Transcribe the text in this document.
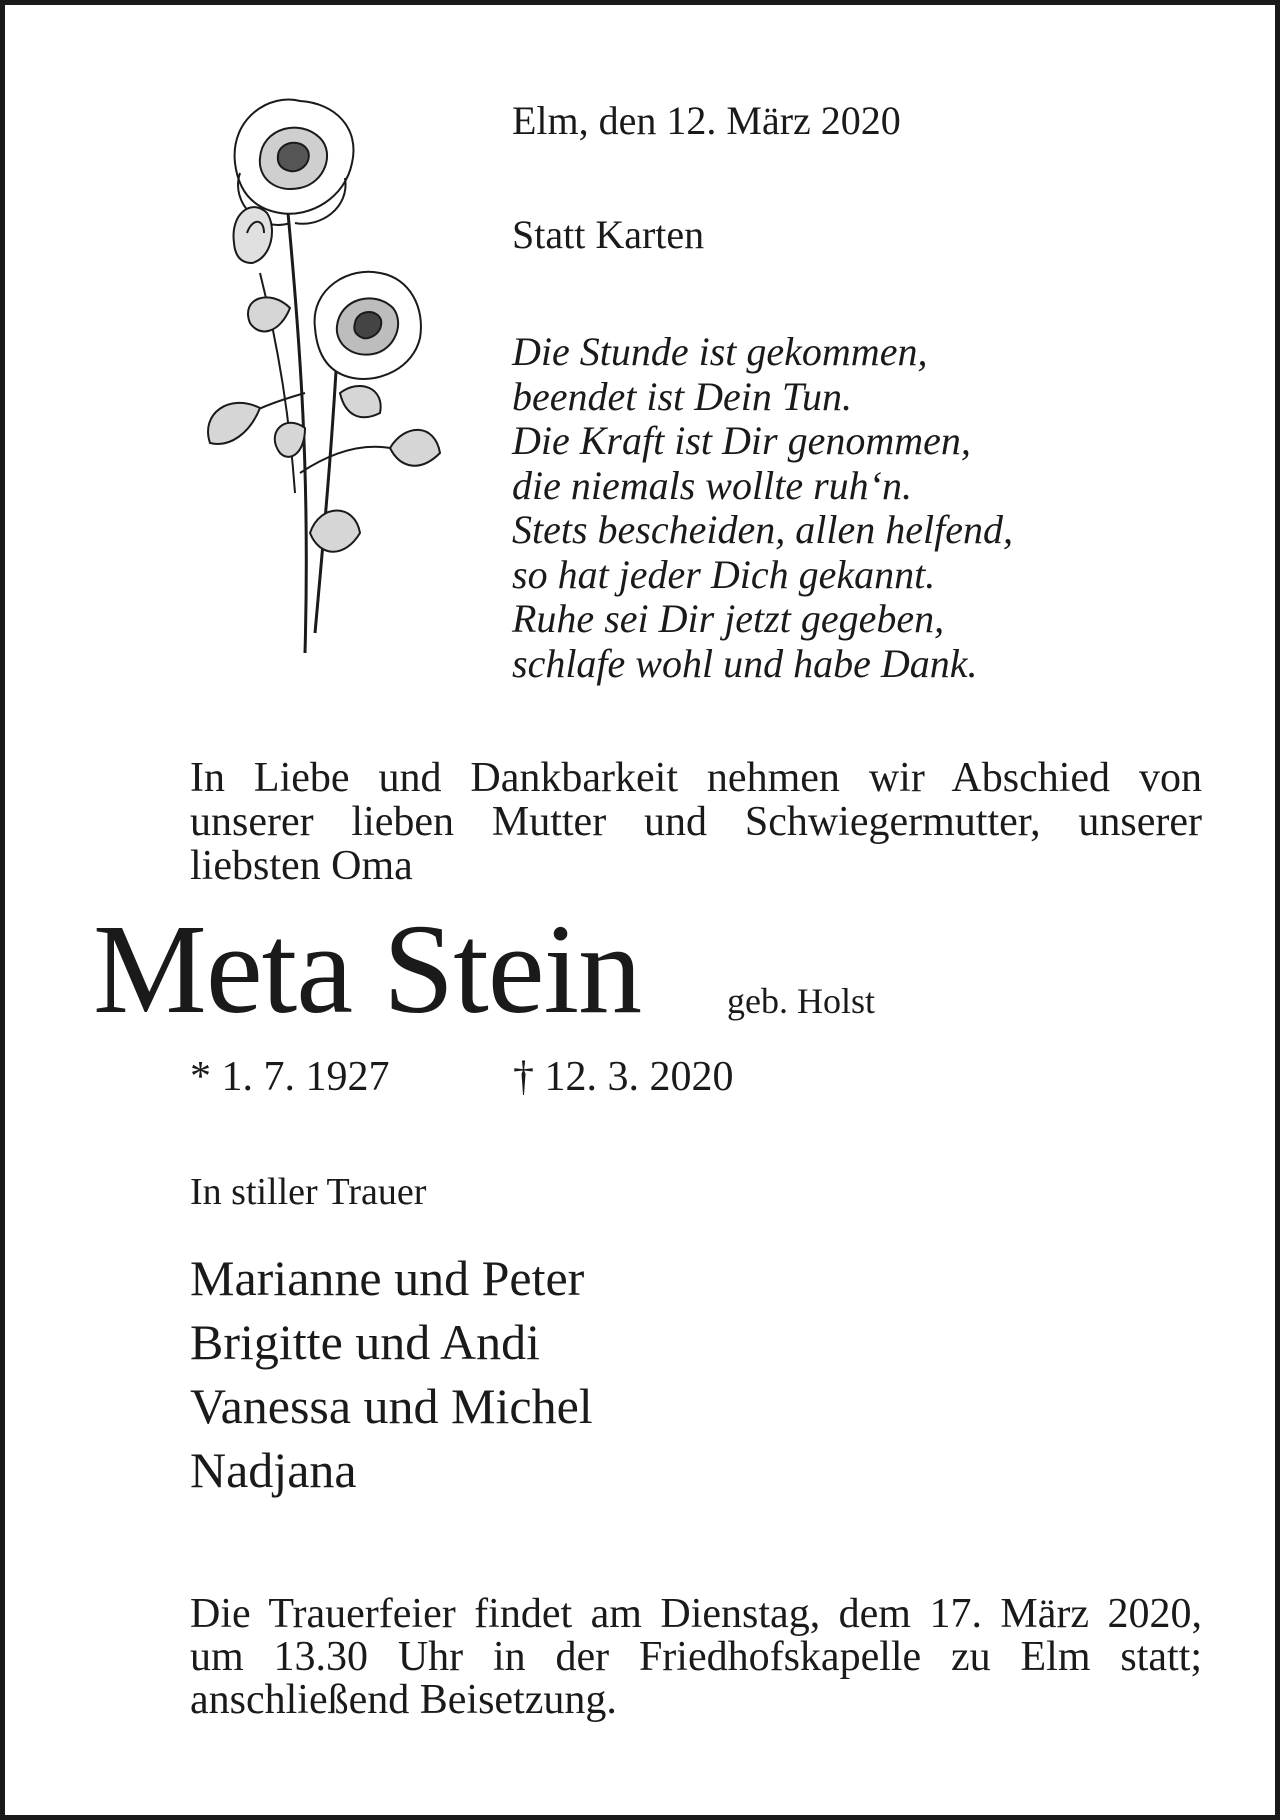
Elm, den 12. März 2020
Statt Karten
Die Stunde ist gekommen,
beendet ist Dein Tun.
Die Kraft ist Dir genommen,
die niemals wollte ruh‘n.
Stets bescheiden, allen helfend,
so hat jeder Dich gekannt.
Ruhe sei Dir jetzt gegeben,
schlafe wohl und habe Dank.
In Liebe und Dankbarkeit nehmen wir Abschied von
unserer lieben Mutter und Schwiegermutter, unserer
liebsten Oma
Meta Stein geb. Holst
* 1. 7. 1927	† 12. 3. 2020
In stiller Trauer
Marianne und Peter
Brigitte und Andi
Vanessa und Michel
Nadjana
Die Trauerfeier findet am Dienstag, dem 17. März 2020,
um 13.30 Uhr in der Friedhofskapelle zu Elm statt;
anschließend Beisetzung.
